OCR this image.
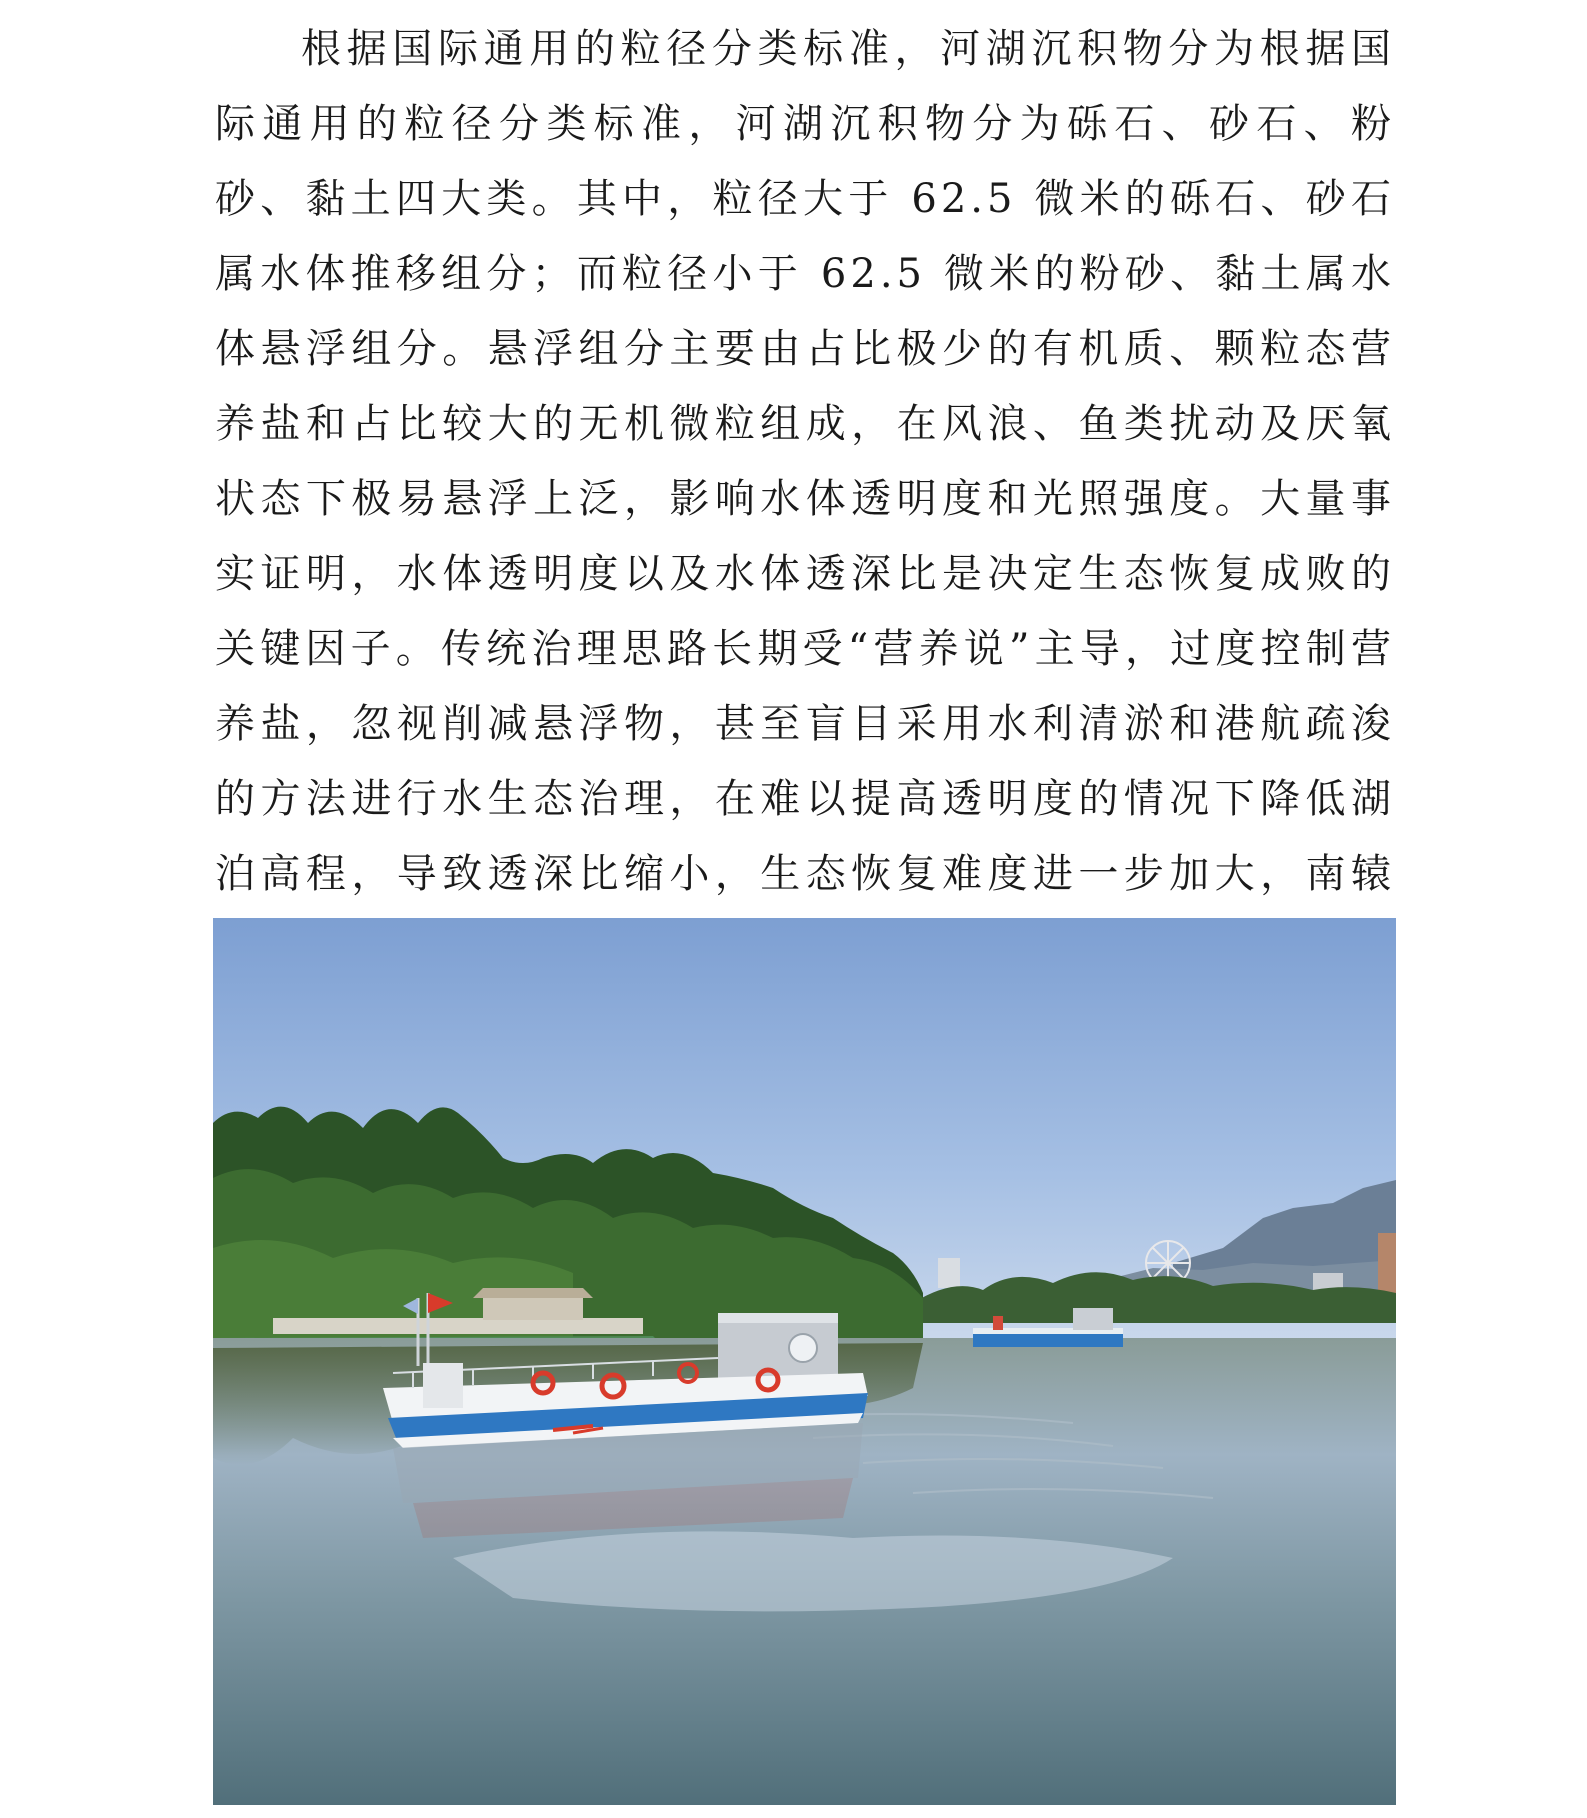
根据国际通用的粒径分类标准，河湖沉积物分为根据国际通用的粒径分类标准，河湖沉积物分为砾石、砂石、粉砂、黏土四大类。其中，粒径大于 62.5 微米的砾石、砂石属水体推移组分；而粒径小于 62.5 微米的粉砂、黏土属水体悬浮组分。悬浮组分主要由占比极少的有机质、颗粒态营养盐和占比较大的无机微粒组成，在风浪、鱼类扰动及厌氧状态下极易悬浮上泛，影响水体透明度和光照强度。大量事实证明，水体透明度以及水体透深比是决定生态恢复成败的关键因子。传统治理思路长期受“营养说”主导，过度控制营养盐，忽视削减悬浮物，甚至盲目采用水利清淤和港航疏浚的方法进行水生态治理，在难以提高透明度的情况下降低湖泊高程，导致透深比缩小，生态恢复难度进一步加大，南辕
